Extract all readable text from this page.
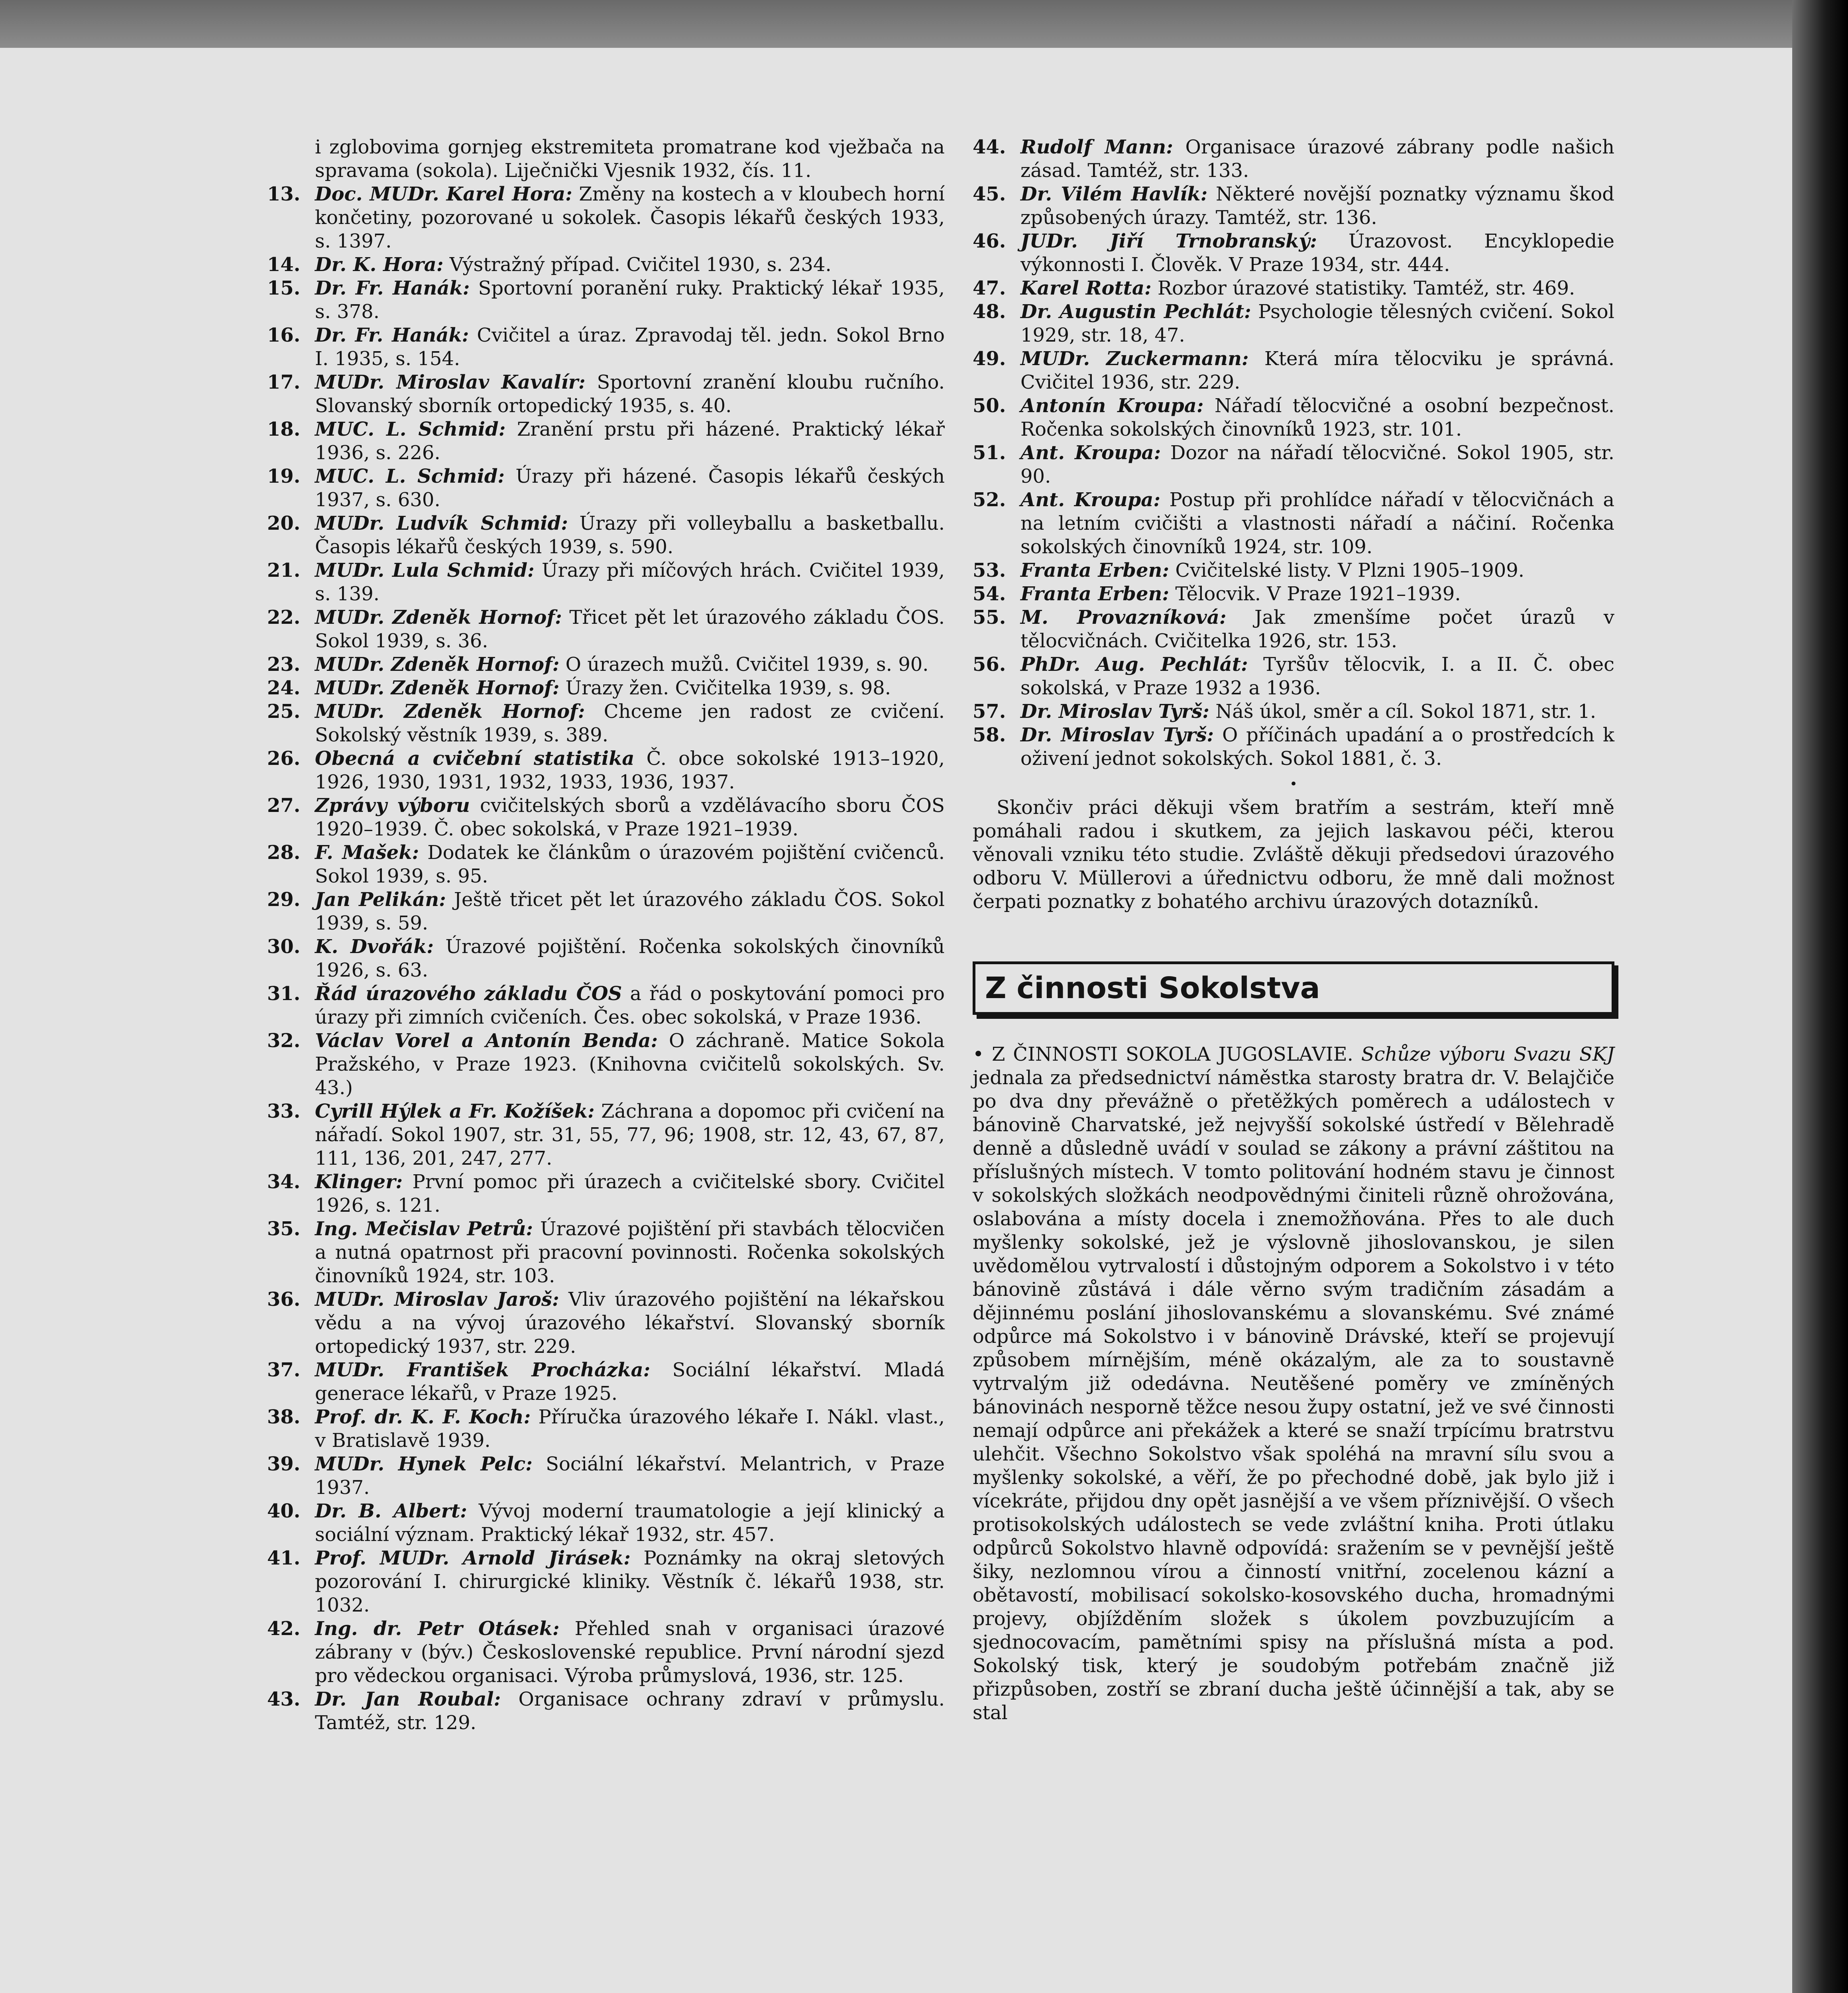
i zglobovima gornjeg ekstremiteta promatrane kod vježbača na spravama (sokola). Liječnički Vjesnik 1932, čís. 11.
13. Doc. MUDr. Karel Hora: Změny na kostech a v kloubech horní končetiny, pozorované u sokolek. Časopis lékařů českých 1933, s. 1397.
14. Dr. K. Hora: Výstražný případ. Cvičitel 1930, s. 234.
15. Dr. Fr. Hanák: Sportovní poranění ruky. Praktický lékař 1935, s. 378.
16. Dr. Fr. Hanák: Cvičitel a úraz. Zpravodaj těl. jedn. Sokol Brno I. 1935, s. 154.
17. MUDr. Miroslav Kavalír: Sportovní zranění kloubu ručního. Slovanský sborník ortopedický 1935, s. 40.
18. MUC. L. Schmid: Zranění prstu při házené. Praktický lékař 1936, s. 226.
19. MUC. L. Schmid: Úrazy při házené. Časopis lékařů českých 1937, s. 630.
20. MUDr. Ludvík Schmid: Úrazy při volleyballu a basketballu. Časopis lékařů českých 1939, s. 590.
21. MUDr. Lula Schmid: Úrazy při míčových hrách. Cvičitel 1939, s. 139.
22. MUDr. Zdeněk Hornof: Třicet pět let úrazového základu ČOS. Sokol 1939, s. 36.
23. MUDr. Zdeněk Hornof: O úrazech mužů. Cvičitel 1939, s. 90.
24. MUDr. Zdeněk Hornof: Úrazy žen. Cvičitelka 1939, s. 98.
25. MUDr. Zdeněk Hornof: Chceme jen radost ze cvičení. Sokolský věstník 1939, s. 389.
26. Obecná a cvičební statistika Č. obce sokolské 1913–1920, 1926, 1930, 1931, 1932, 1933, 1936, 1937.
27. Zprávy výboru cvičitelských sborů a vzdělávacího sboru ČOS 1920–1939. Č. obec sokolská, v Praze 1921–1939.
28. F. Mašek: Dodatek ke článkům o úrazovém pojištění cvičenců. Sokol 1939, s. 95.
29. Jan Pelikán: Ještě třicet pět let úrazového základu ČOS. Sokol 1939, s. 59.
30. K. Dvořák: Úrazové pojištění. Ročenka sokolských činovníků 1926, s. 63.
31. Řád úrazového základu ČOS a řád o poskytování pomoci pro úrazy při zimních cvičeních. Čes. obec sokolská, v Praze 1936.
32. Václav Vorel a Antonín Benda: O záchraně. Matice Sokola Pražského, v Praze 1923. (Knihovna cvičitelů sokolských. Sv. 43.)
33. Cyrill Hýlek a Fr. Kožíšek: Záchrana a dopomoc při cvičení na nářadí. Sokol 1907, str. 31, 55, 77, 96; 1908, str. 12, 43, 67, 87, 111, 136, 201, 247, 277.
34. Klinger: První pomoc při úrazech a cvičitelské sbory. Cvičitel 1926, s. 121.
35. Ing. Mečislav Petrů: Úrazové pojištění při stavbách tělocvičen a nutná opatrnost při pracovní povinnosti. Ročenka sokolských činovníků 1924, str. 103.
36. MUDr. Miroslav Jaroš: Vliv úrazového pojištění na lékařskou vědu a na vývoj úrazového lékařství. Slovanský sborník ortopedický 1937, str. 229.
37. MUDr. František Procházka: Sociální lékařství. Mladá generace lékařů, v Praze 1925.
38. Prof. dr. K. F. Koch: Příručka úrazového lékaře I. Nákl. vlast., v Bratislavě 1939.
39. MUDr. Hynek Pelc: Sociální lékařství. Melantrich, v Praze 1937.
40. Dr. B. Albert: Vývoj moderní traumatologie a její klinický a sociální význam. Praktický lékař 1932, str. 457.
41. Prof. MUDr. Arnold Jirásek: Poznámky na okraj sletových pozorování I. chirurgické kliniky. Věstník č. lékařů 1938, str. 1032.
42. Ing. dr. Petr Otásek: Přehled snah v organisaci úrazové zábrany v (býv.) Československé republice. První národní sjezd pro vědeckou organisaci. Výroba průmyslová, 1936, str. 125.
43. Dr. Jan Roubal: Organisace ochrany zdraví v průmyslu. Tamtéž, str. 129.
44. Rudolf Mann: Organisace úrazové zábrany podle našich zásad. Tamtéž, str. 133.
45. Dr. Vilém Havlík: Některé novější poznatky významu škod způsobených úrazy. Tamtéž, str. 136.
46. JUDr. Jiří Trnobranský: Úrazovost. Encyklopedie výkonnosti I. Člověk. V Praze 1934, str. 444.
47. Karel Rotta: Rozbor úrazové statistiky. Tamtéž, str. 469.
48. Dr. Augustin Pechlát: Psychologie tělesných cvičení. Sokol 1929, str. 18, 47.
49. MUDr. Zuckermann: Která míra tělocviku je správná. Cvičitel 1936, str. 229.
50. Antonín Kroupa: Nářadí tělocvičné a osobní bezpečnost. Ročenka sokolských činovníků 1923, str. 101.
51. Ant. Kroupa: Dozor na nářadí tělocvičné. Sokol 1905, str. 90.
52. Ant. Kroupa: Postup při prohlídce nářadí v tělocvičnách a na letním cvičišti a vlastnosti nářadí a náčiní. Ročenka sokolských činovníků 1924, str. 109.
53. Franta Erben: Cvičitelské listy. V Plzni 1905–1909.
54. Franta Erben: Tělocvik. V Praze 1921–1939.
55. M. Provazníková: Jak zmenšíme počet úrazů v tělocvičnách. Cvičitelka 1926, str. 153.
56. PhDr. Aug. Pechlát: Tyršův tělocvik, I. a II. Č. obec sokolská, v Praze 1932 a 1936.
57. Dr. Miroslav Tyrš: Náš úkol, směr a cíl. Sokol 1871, str. 1.
58. Dr. Miroslav Tyrš: O příčinách upadání a o prostředcích k oživení jednot sokolských. Sokol 1881, č. 3.
•

Skončiv práci děkuji všem bratřím a sestrám, kteří mně pomáhali radou i skutkem, za jejich laskavou péči, kterou věnovali vzniku této studie. Zvláště děkuji předsedovi úrazového odboru V. Müllerovi a úřednictvu odboru, že mně dali možnost čerpati poznatky z bohatého archivu úrazových dotazníků.

Z činnosti Sokolstva

• Z ČINNOSTI SOKOLA JUGOSLAVIE. Schůze výboru Svazu SKJ jednala za předsednictví náměstka starosty bratra dr. V. Belajčiče po dva dny převážně o přetěžkých poměrech a událostech v bánovině Charvatské, jež nejvyšší sokolské ústředí v Bělehradě denně a důsledně uvádí v soulad se zákony a právní záštitou na příslušných místech. V tomto politování hodném stavu je činnost v sokolských složkách neodpovědnými činiteli různě ohrožována, oslabována a místy docela i znemožňována. Přes to ale duch myšlenky sokolské, jež je výslovně jihoslovanskou, je silen uvědomělou vytrvalostí i důstojným odporem a Sokolstvo i v této bánovině zůstává i dále věrno svým tradičním zásadám a dějinnému poslání jihoslovanskému a slovanskému. Své známé odpůrce má Sokolstvo i v bánovině Drávské, kteří se projevují způsobem mírnějším, méně okázalým, ale za to soustavně vytrvalým již odedávna. Neutěšené poměry ve zmíněných bánovinách nesporně těžce nesou župy ostatní, jež ve své činnosti nemají odpůrce ani překážek a které se snaží trpícímu bratrstvu ulehčit. Všechno Sokolstvo však spoléhá na mravní sílu svou a myšlenky sokolské, a věří, že po přechodné době, jak bylo již i vícekráte, přijdou dny opět jasnější a ve všem příznivější. O všech protisokolských událostech se vede zvláštní kniha. Proti útlaku odpůrců Sokolstvo hlavně odpovídá: sražením se v pevnější ještě šiky, nezlomnou vírou a činností vnitřní, zocelenou kázní a obětavostí, mobilisací sokolsko-kosovského ducha, hromadnými projevy, objížděním složek s úkolem povzbuzujícím a sjednocovacím, pamětními spisy na příslušná místa a pod. Sokolský tisk, který je soudobým potřebám značně již přizpůsoben, zostří se zbraní ducha ještě účinnější a tak, aby se stal
